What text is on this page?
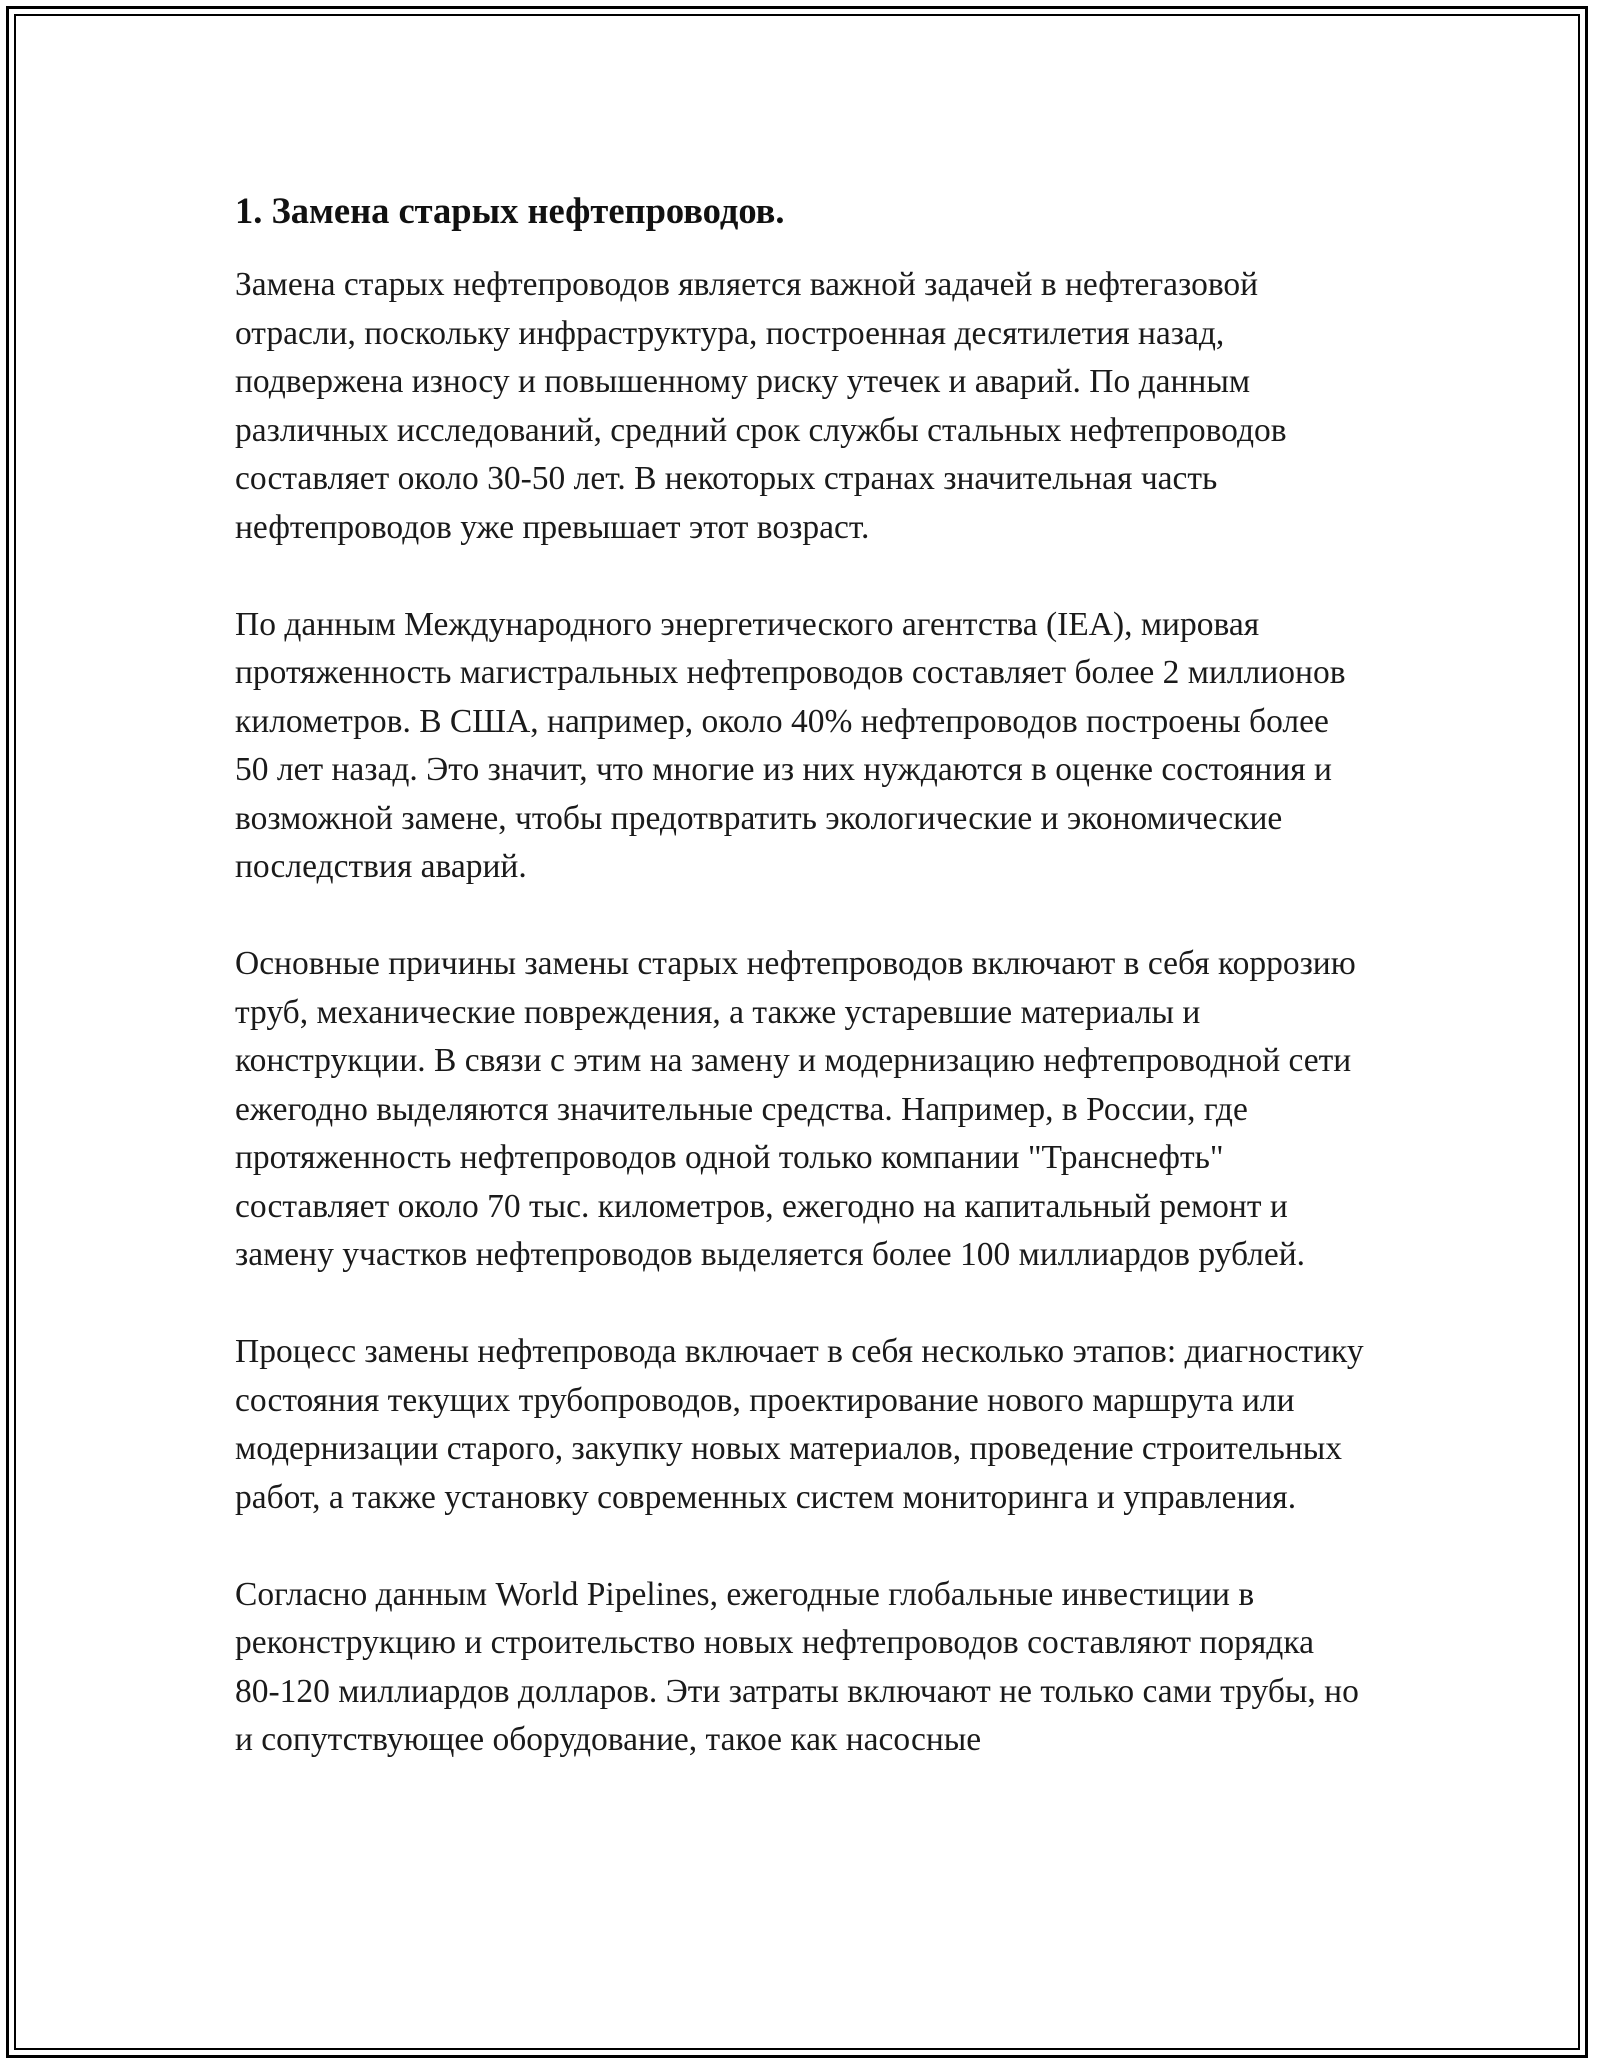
1. Замена старых нефтепроводов.

Замена старых нефтепроводов является важной задачей в нефтегазовой отрасли, поскольку инфраструктура, построенная десятилетия назад, подвержена износу и повышенному риску утечек и аварий. По данным различных исследований, средний срок службы стальных нефтепроводов составляет около 30-50 лет. В некоторых странах значительная часть нефтепроводов уже превышает этот возраст.

По данным Международного энергетического агентства (IEA), мировая протяженность магистральных нефтепроводов составляет более 2 миллионов километров. В США, например, около 40% нефтепроводов построены более 50 лет назад. Это значит, что многие из них нуждаются в оценке состояния и возможной замене, чтобы предотвратить экологические и экономические последствия аварий.

Основные причины замены старых нефтепроводов включают в себя коррозию труб, механические повреждения, а также устаревшие материалы и конструкции. В связи с этим на замену и модернизацию нефтепроводной сети ежегодно выделяются значительные средства. Например, в России, где протяженность нефтепроводов одной только компании "Транснефть" составляет около 70 тыс. километров, ежегодно на капитальный ремонт и замену участков нефтепроводов выделяется более 100 миллиардов рублей.

Процесс замены нефтепровода включает в себя несколько этапов: диагностику состояния текущих трубопроводов, проектирование нового маршрута или модернизации старого, закупку новых материалов, проведение строительных работ, а также установку современных систем мониторинга и управления.

Согласно данным World Pipelines, ежегодные глобальные инвестиции в реконструкцию и строительство новых нефтепроводов составляют порядка 80-120 миллиардов долларов. Эти затраты включают не только сами трубы, но и сопутствующее оборудование, такое как насосные
